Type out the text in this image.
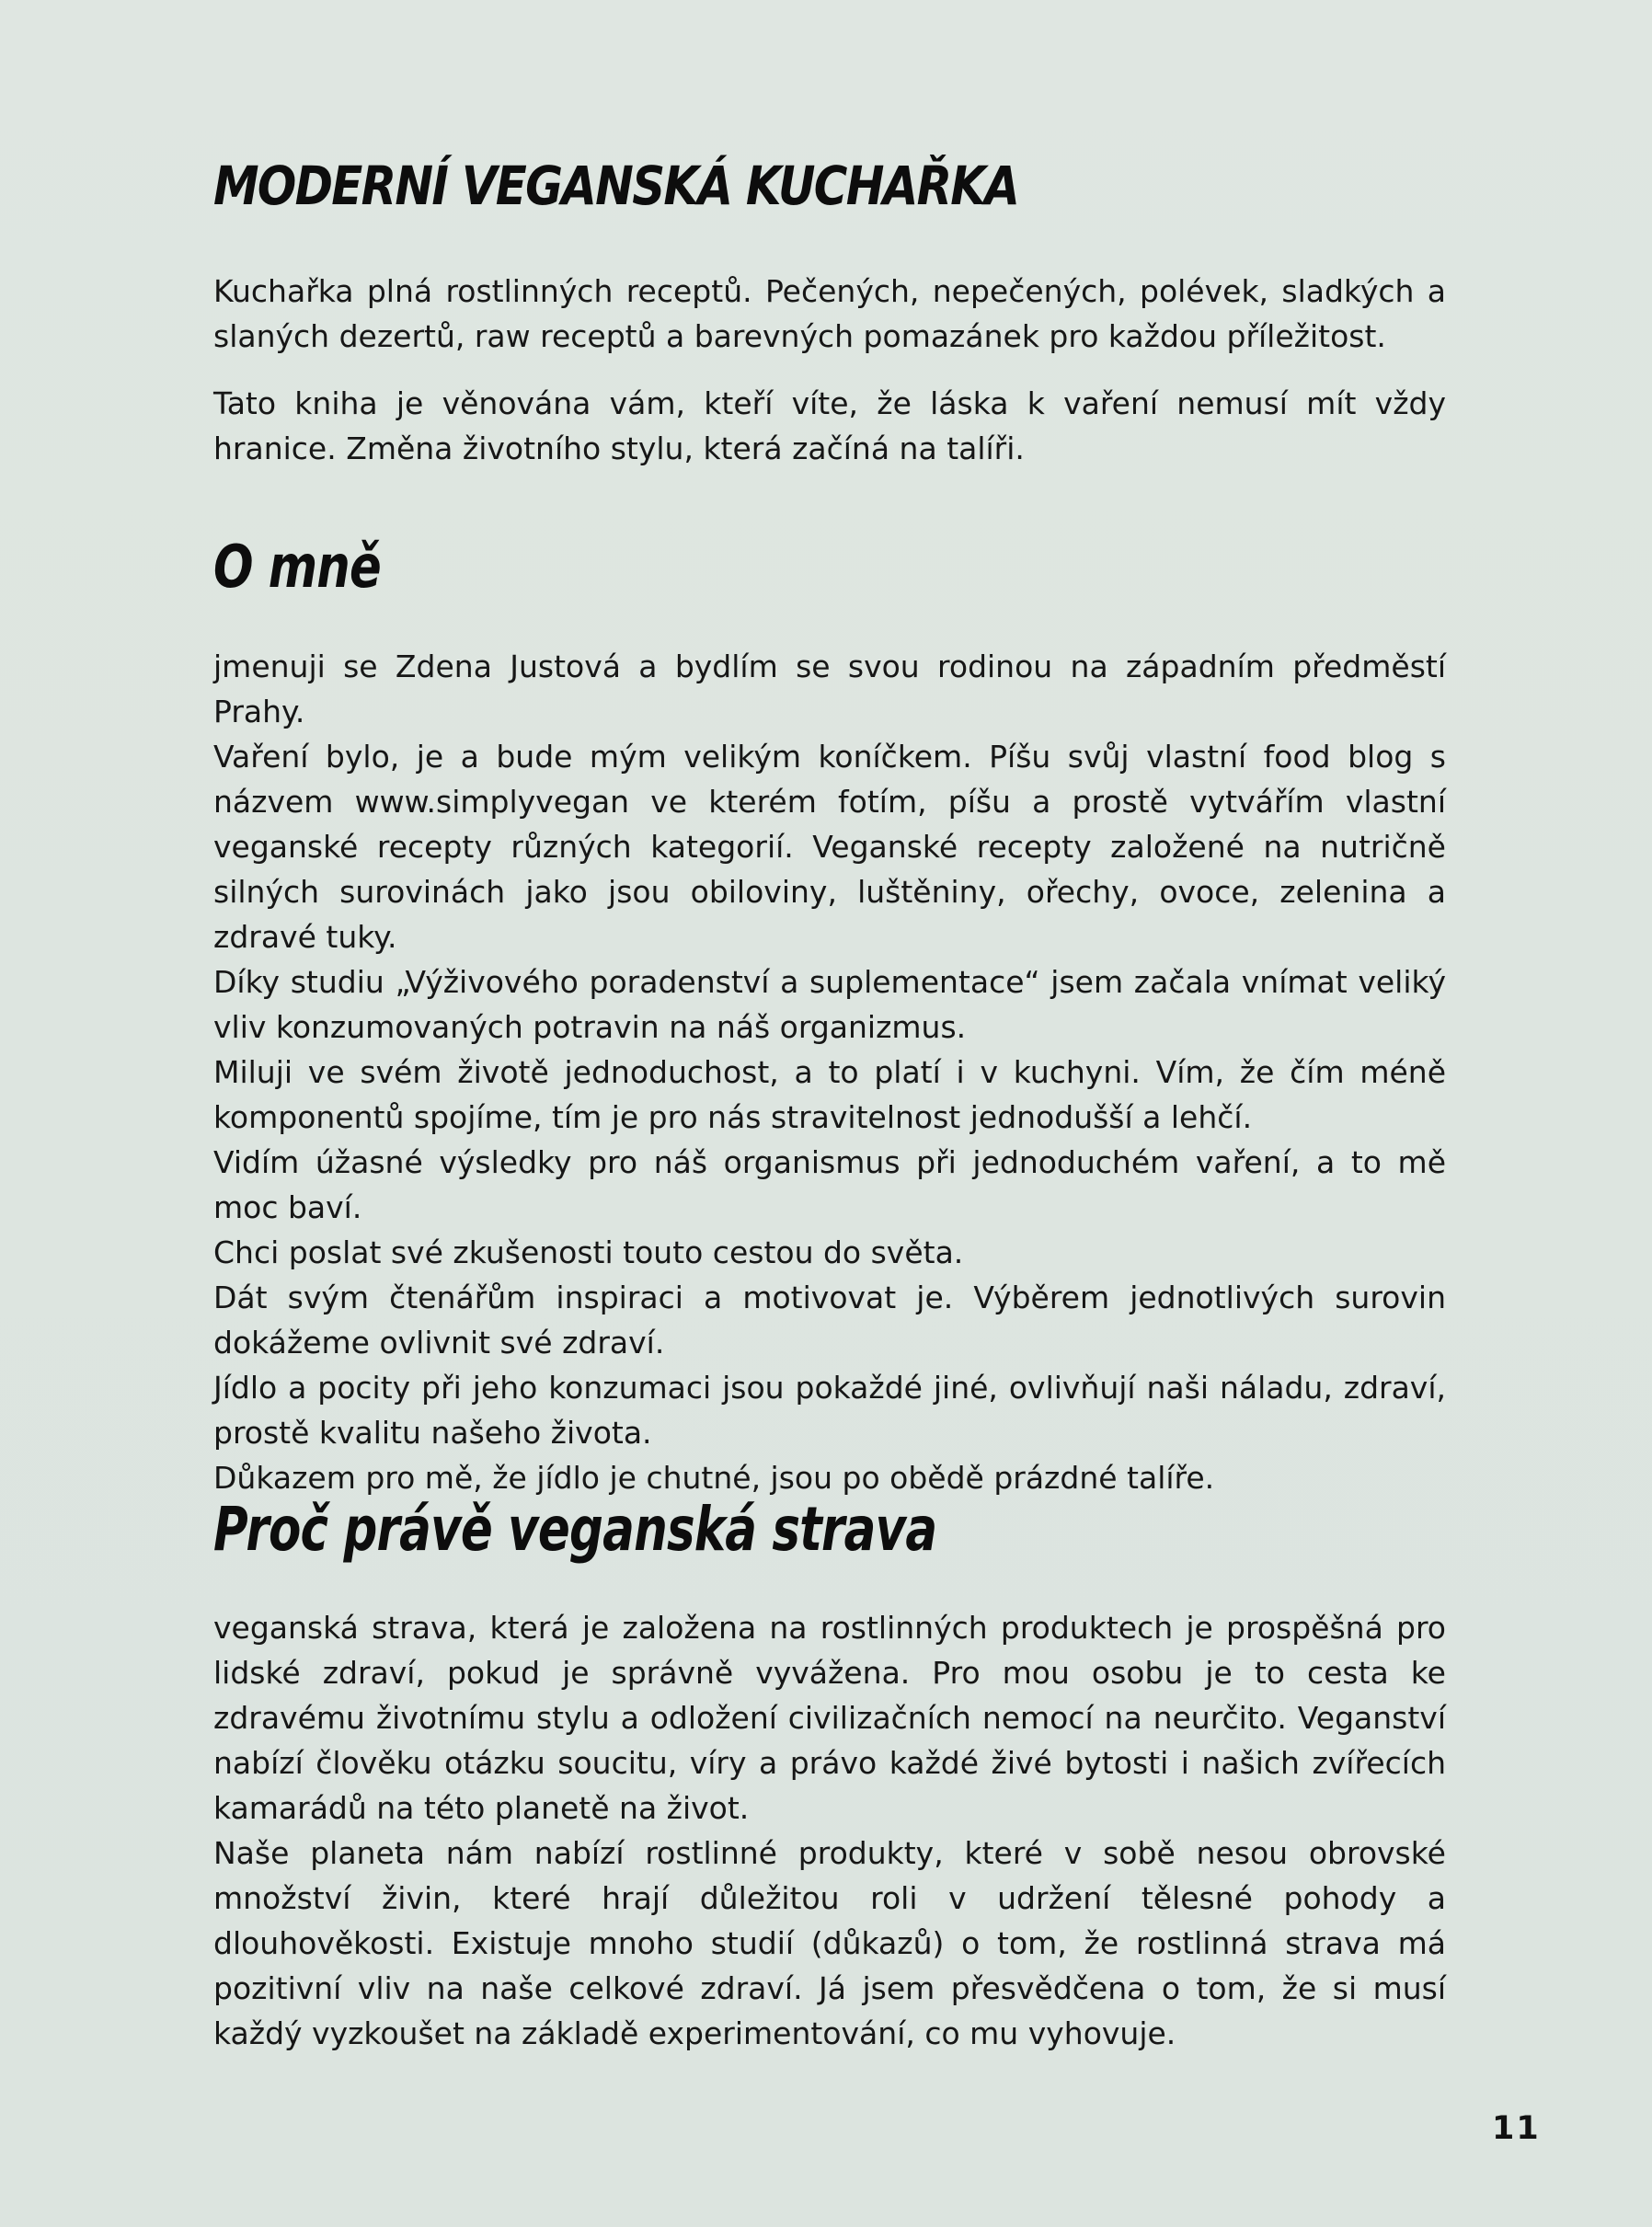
MODERNÍ VEGANSKÁ KUCHAŘKA

Kuchařka plná rostlinných receptů. Pečených, nepečených, polévek, sladkých a slaných dezertů, raw receptů a barevných pomazánek pro každou příležitost.

Tato kniha je věnována vám, kteří víte, že láska k vaření nemusí mít vždy hranice. Změna životního stylu, která začíná na talíři.

O mně

jmenuji se Zdena Justová a bydlím se svou rodinou na západním předměstí Prahy.

Vaření bylo, je a bude mým velikým koníčkem. Píšu svůj vlastní food blog s názvem www.simplyvegan ve kterém fotím, píšu a prostě vytvářím vlastní veganské recepty různých kategorií. Veganské recepty založené na nutričně silných surovinách jako jsou obiloviny, luštěniny, ořechy, ovoce, zelenina a zdravé tuky.

Díky studiu „Výživového poradenství a suplementace“ jsem začala vnímat veliký vliv konzumovaných potravin na náš organizmus.

Miluji ve svém životě jednoduchost, a to platí i v kuchyni. Vím, že čím méně komponentů spojíme, tím je pro nás stravitelnost jednodušší a lehčí.

Vidím úžasné výsledky pro náš organismus při jednoduchém vaření, a to mě moc baví.

Chci poslat své zkušenosti touto cestou do světa.

Dát svým čtenářům inspiraci a motivovat je. Výběrem jednotlivých surovin dokážeme ovlivnit své zdraví.

Jídlo a pocity při jeho konzumaci jsou pokaždé jiné, ovlivňují naši náladu, zdraví, prostě kvalitu našeho života.

Důkazem pro mě, že jídlo je chutné, jsou po obědě prázdné talíře.

Proč právě veganská strava

veganská strava, která je založena na rostlinných produktech je prospěšná pro lidské zdraví, pokud je správně vyvážena. Pro mou osobu je to cesta ke zdravému životnímu stylu a odložení civilizačních nemocí na neurčito. Veganství nabízí člověku otázku soucitu, víry a právo každé živé bytosti i našich zvířecích kamarádů na této planetě na život.

Naše planeta nám nabízí rostlinné produkty, které v sobě nesou obrovské množství živin, které hrají důležitou roli v udržení tělesné pohody a dlouhověkosti. Existuje mnoho studií (důkazů) o tom, že rostlinná strava má pozitivní vliv na naše celkové zdraví. Já jsem přesvědčena o tom, že si musí každý vyzkoušet na základě experimentování, co mu vyhovuje.

11
